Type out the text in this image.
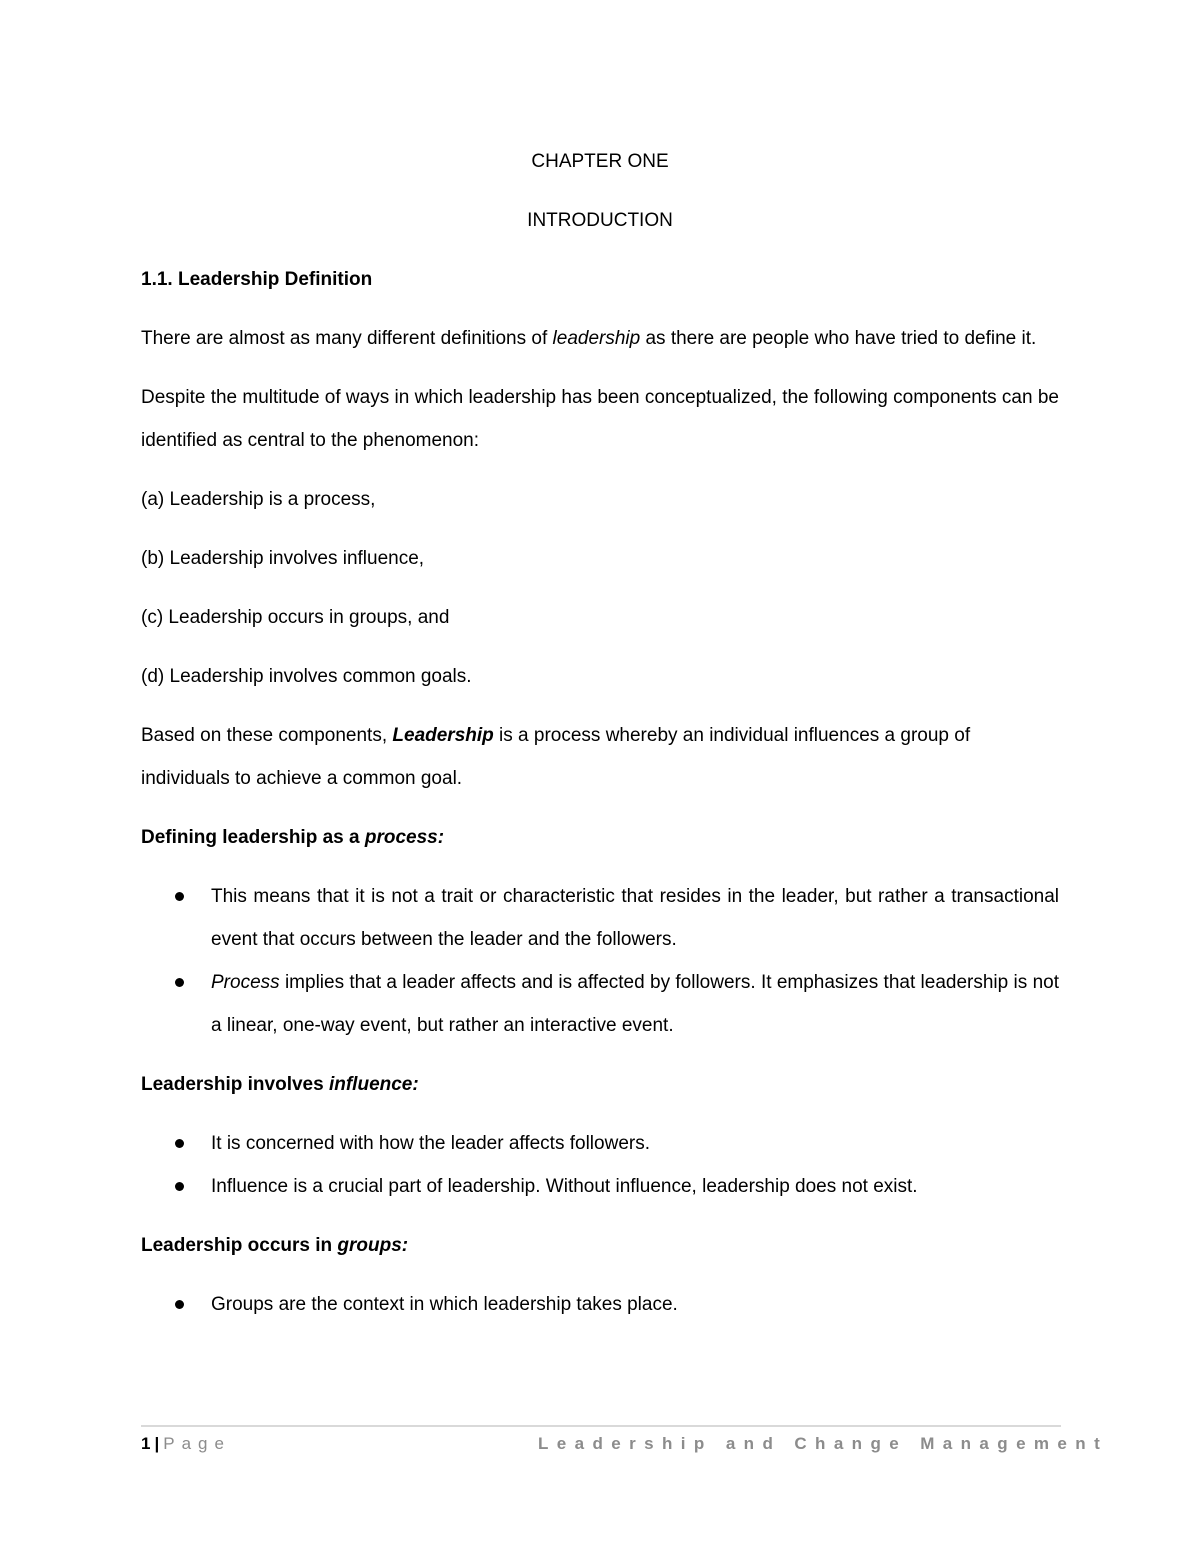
CHAPTER ONE
INTRODUCTION
1.1. Leadership Definition

There are almost as many different definitions of leadership as there are people who have tried to define it.

Despite the multitude of ways in which leadership has been conceptualized, the following components can be identified as central to the phenomenon:

(a) Leadership is a process,

(b) Leadership involves influence,

(c) Leadership occurs in groups, and

(d) Leadership involves common goals.

Based on these components, Leadership is a process whereby an individual influences a group of individuals to achieve a common goal.

Defining leadership as a process:

This means that it is not a trait or characteristic that resides in the leader, but rather a transactional event that occurs between the leader and the followers.
Process implies that a leader affects and is affected by followers. It emphasizes that leadership is not a linear, one-way event, but rather an interactive event.

Leadership involves influence:

It is concerned with how the leader affects followers.
Influence is a crucial part of leadership. Without influence, leadership does not exist.

Leadership occurs in groups:

Groups are the context in which leadership takes place.
1 | Page	Leadership and Change Management
